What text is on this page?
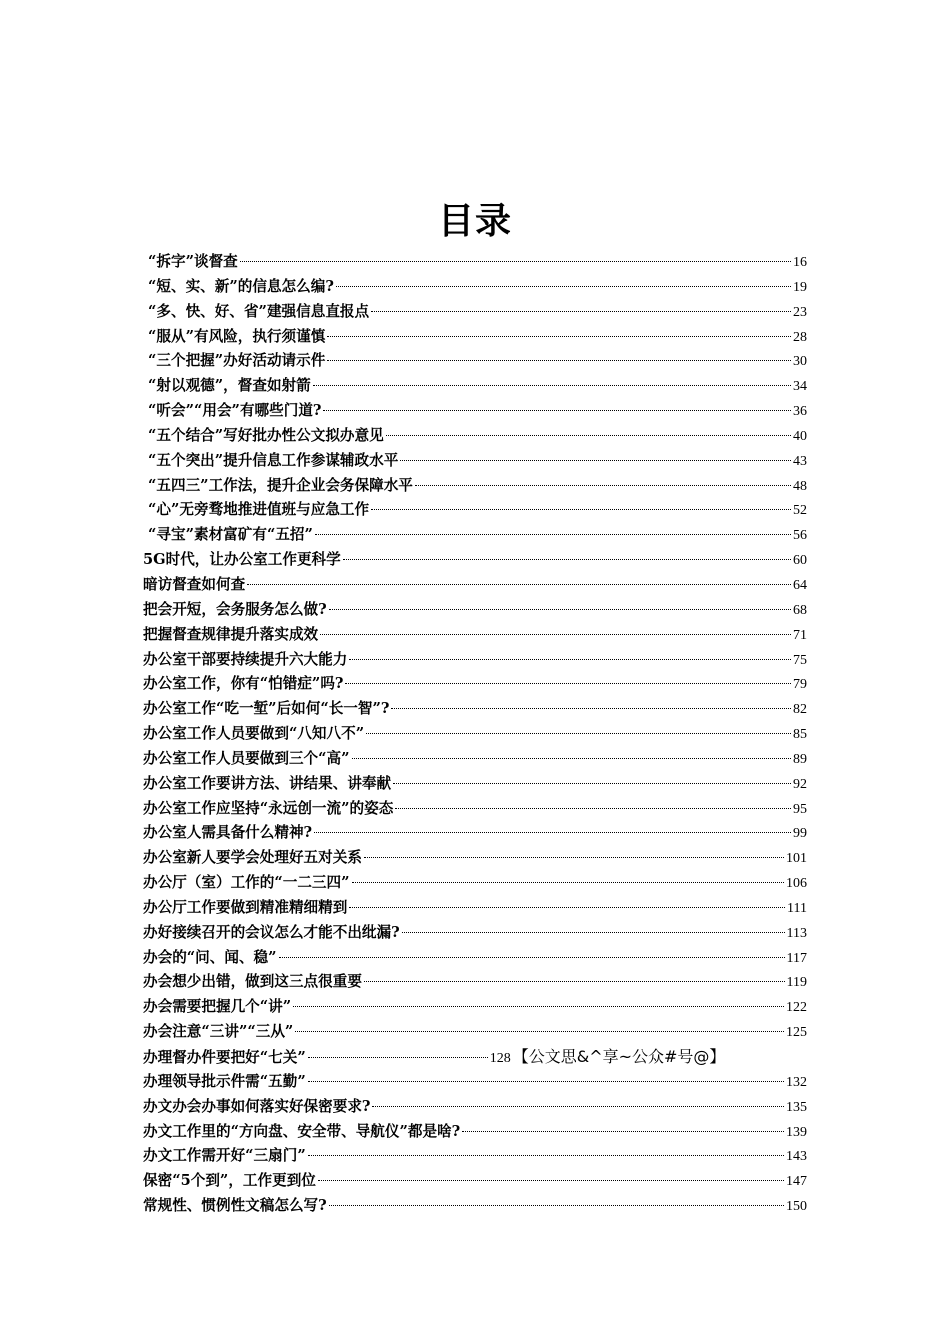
目录
“拆字”谈督查	16
“短、实、新”的信息怎么编?	19
“多、快、好、省”建强信息直报点	23
“服从”有风险，执行须谨慎	28
“三个把握”办好活动请示件	30
“射以观德”，督查如射箭	34
“听会”“用会”有哪些门道?	36
“五个结合”写好批办性公文拟办意见	40
“五个突出”提升信息工作参谋辅政水平	43
“五四三”工作法，提升企业会务保障水平	48
“心”无旁骛地推进值班与应急工作	52
“寻宝”素材富矿有“五招”	56
5G时代，让办公室工作更科学	60
暗访督查如何查	64
把会开短，会务服务怎么做?	68
把握督查规律提升落实成效	71
办公室干部要持续提升六大能力	75
办公室工作，你有“怕错症”吗?	79
办公室工作“吃一堑”后如何“长一智”?	82
办公室工作人员要做到“八知八不”	85
办公室工作人员要做到三个“高”	89
办公室工作要讲方法、讲结果、讲奉献	92
办公室工作应坚持“永远创一流”的姿态	95
办公室人需具备什么精神?	99
办公室新人要学会处理好五对关系	101
办公厅（室）工作的“一二三四”	106
办公厅工作要做到精准精细精到	111
办好接续召开的会议怎么才能不出纰漏?	113
办会的“问、闻、稳”	117
办会想少出错，做到这三点很重要	119
办会需要把握几个“讲”	122
办会注意“三讲”“三从”	125
办理督办件要把好“七关”	128 【公文思&^享~公众#号@】
办理领导批示件需“五勤”	132
办文办会办事如何落实好保密要求?	135
办文工作里的“方向盘、安全带、导航仪”都是啥?	139
办文工作需开好“三扇门”	143
保密“5个到”，工作更到位	147
常规性、惯例性文稿怎么写?	150
